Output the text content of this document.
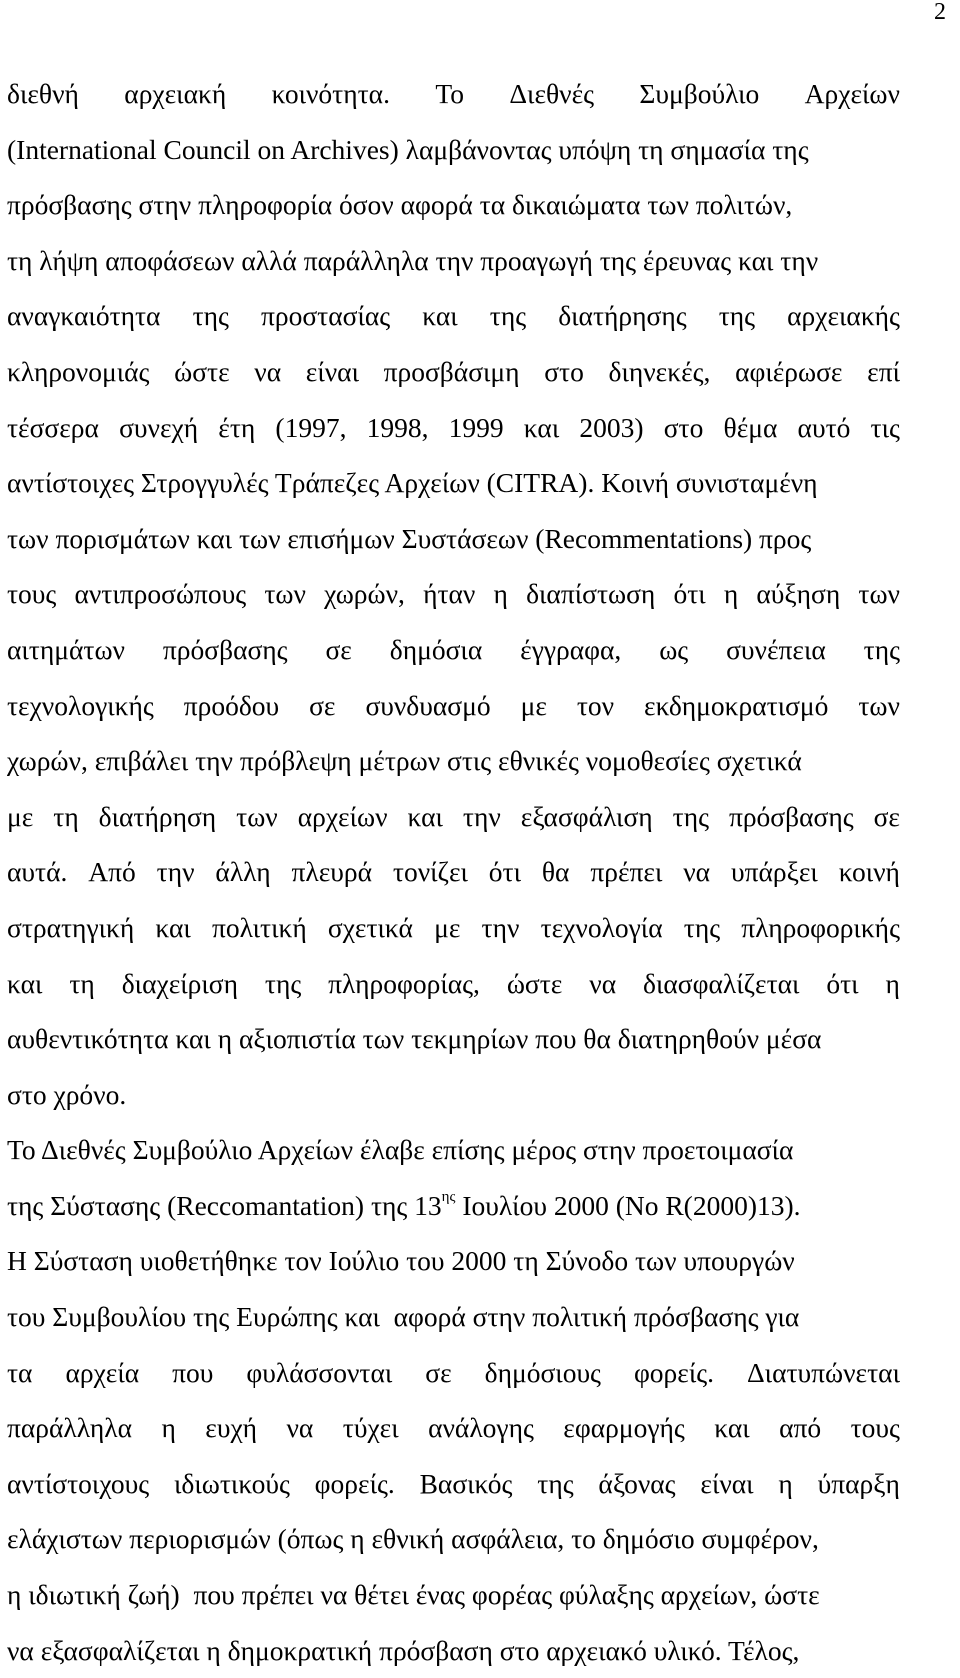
2
διεθνή αρχειακή κοινότητα. Το Διεθνές Συμβούλιο Αρχείων
(International Council on Archives) λαμβάνοντας υπόψη τη σημασία της
πρόσβασης στην πληροφορία όσον αφορά τα δικαιώματα των πολιτών,
τη λήψη αποφάσεων αλλά παράλληλα την προαγωγή της έρευνας και την
αναγκαιότητα της προστασίας και της διατήρησης της αρχειακής
κληρονομιάς ώστε να είναι προσβάσιμη στο διηνεκές, αφιέρωσε επί
τέσσερα συνεχή έτη (1997, 1998, 1999 και 2003) στο θέμα αυτό τις
αντίστοιχες Στρογγυλές Τράπεζες Αρχείων (CITRA). Κοινή συνισταμένη
των πορισμάτων και των επισήμων Συστάσεων (Recommentations) προς
τους αντιπροσώπους των χωρών, ήταν η διαπίστωση ότι η αύξηση των
αιτημάτων πρόσβασης σε δημόσια έγγραφα, ως συνέπεια της
τεχνολογικής προόδου σε συνδυασμό με τον εκδημοκρατισμό των
χωρών, επιβάλει την πρόβλεψη μέτρων στις εθνικές νομοθεσίες σχετικά
με τη διατήρηση των αρχείων και την εξασφάλιση της πρόσβασης σε
αυτά. Από την άλλη πλευρά τονίζει ότι θα πρέπει να υπάρξει κοινή
στρατηγική και πολιτική σχετικά με την τεχνολογία της πληροφορικής
και τη διαχείριση της πληροφορίας, ώστε να διασφαλίζεται ότι η
αυθεντικότητα και η αξιοπιστία των τεκμηρίων που θα διατηρηθούν μέσα
στο χρόνο.
Το Διεθνές Συμβούλιο Αρχείων έλαβε επίσης μέρος στην προετοιμασία
της Σύστασης (Reccomantation) της $13^{\eta\varsigma}$ Ιουλίου 2000 (No R(2000)13).
Η Σύσταση υιοθετήθηκε τον Ιούλιο του 2000 τη Σύνοδο των υπουργών
του Συμβουλίου της Ευρώπης και  αφορά στην πολιτική πρόσβασης για
τα αρχεία που φυλάσσονται σε δημόσιους φορείς. Διατυπώνεται
παράλληλα η ευχή να τύχει ανάλογης εφαρμογής και από τους
αντίστοιχους ιδιωτικούς φορείς. Βασικός της άξονας είναι η ύπαρξη
ελάχιστων περιορισμών (όπως η εθνική ασφάλεια, το δημόσιο συμφέρον,
η ιδιωτική ζωή)  που πρέπει να θέτει ένας φορέας φύλαξης αρχείων, ώστε
να εξασφαλίζεται η δημοκρατική πρόσβαση στο αρχειακό υλικό. Τέλος,
